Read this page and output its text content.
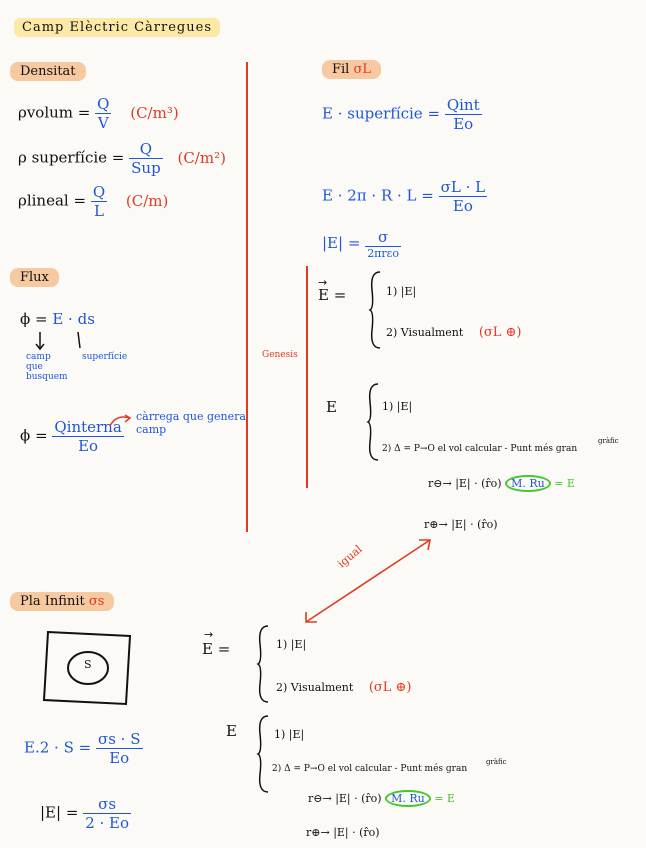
Camp Elèctric Càrregues
Densitat
ρvolum = $\frac{Q}{V} (C/m^3)$
ρ superfície = $\frac{Q}{\text{Sup}} (C/m^2)$
ρlineal = $\frac{Q}{L} (C/m)$
Flux
ϕ = E · ds
camp que busquem
superfície
$\phi = \frac{\text{Qinterna}}{Eo}$
càrrega que genera camp
Fil σL
E · superfície = $\frac{\text{Qint}}{Eo}$
$E \cdot 2\pi \cdot R \cdot L = \frac{\sigma L \cdot L}{Eo}$
$|E| = \frac{\sigma}{\text{2πrεo}}$
Genesis
E =
→
1) |E|
2) Visualment (σL ⊕)
E	1) |E|
2) Δ = P→O el vol calcular - Punt més gran
gràfic
r⊖→ |E| · (r̂o) M. Ru = E
r⊕→ |E| · (r̂o)
igual
Pla Infinit σs
S
$E.2 \cdot S = \frac{\sigma s \cdot S}{Eo}$
$|E| = \frac{\sigma s}{2 \cdot Eo}$
E =
→
1) |E|
2) Visualment (σL ⊕)
E	1) |E|
2) Δ = P→O el vol calcular - Punt més gran
gràfic
r⊖→ |E| · (r̂o) M. Ru = E
r⊕→ |E| · (r̂o)
